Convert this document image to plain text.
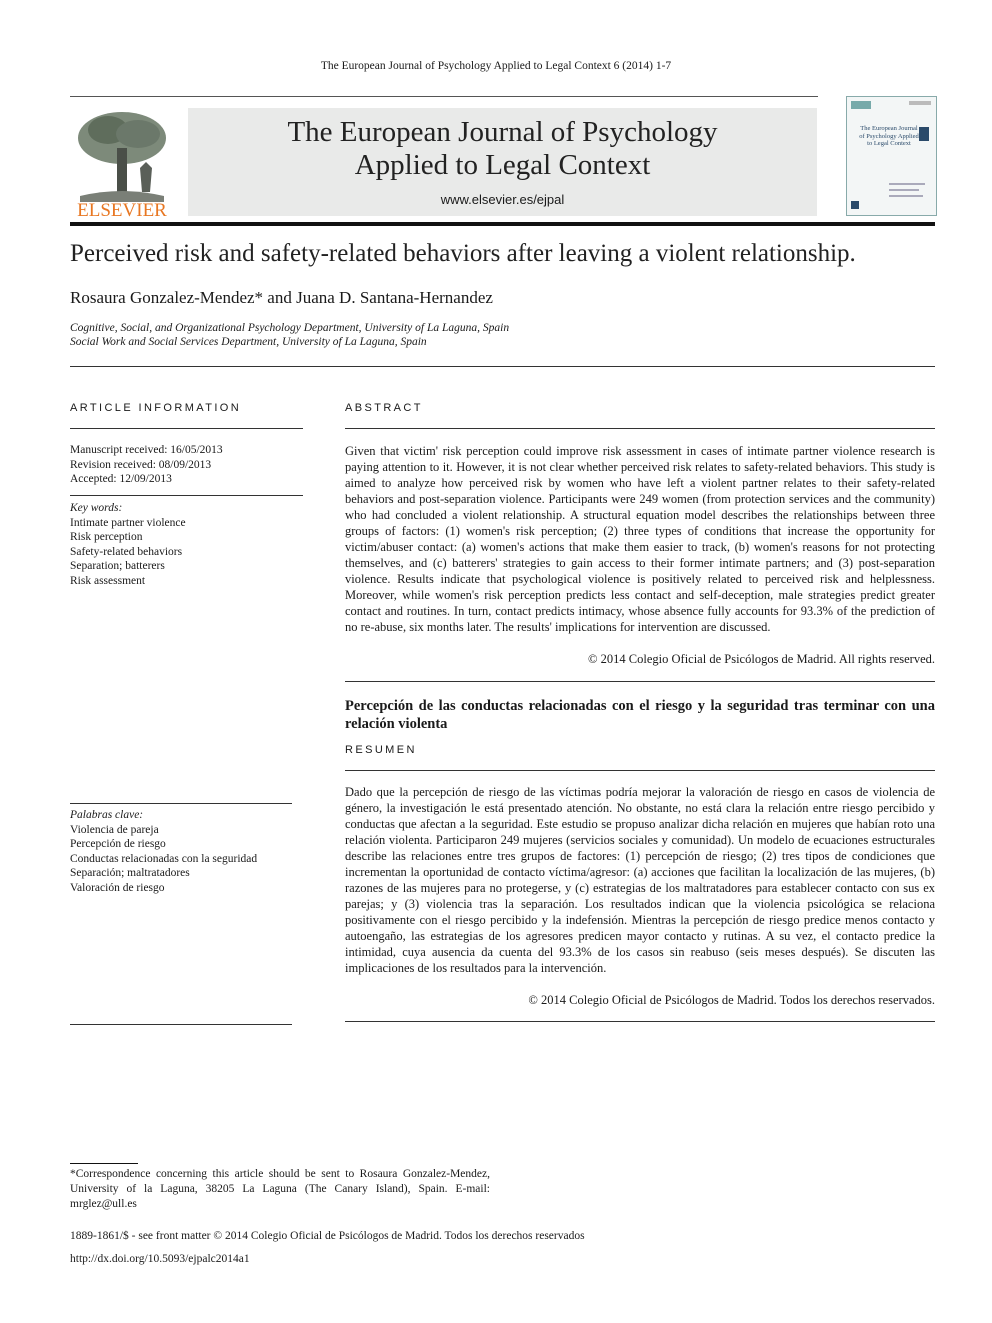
The European Journal of Psychology Applied to Legal Context 6 (2014) 1-7
ELSEVIER
The European Journal of Psychology
Applied to Legal Context
www.elsevier.es/ejpal
The European Journal
of Psychology Applied
to Legal Context
Perceived risk and safety-related behaviors after leaving a violent relationship.
Rosaura Gonzalez-Mendez* and Juana D. Santana-Hernandez
Cognitive, Social, and Organizational Psychology Department, University of La Laguna, Spain
Social Work and Social Services Department, University of La Laguna, Spain
ARTICLE INFORMATION
Manuscript received: 16/05/2013
Revision received: 08/09/2013
Accepted: 12/09/2013
Key words:
Intimate partner violence
Risk perception
Safety-related behaviors
Separation; batterers
Risk assessment
ABSTRACT
Given that victim' risk perception could improve risk assessment in cases of intimate partner violence research is paying attention to it. However, it is not clear whether perceived risk relates to safety-related behaviors. This study is aimed to analyze how perceived risk by women who have left a violent partner relates to their safety-related behaviors and post-separation violence. Participants were 249 women (from protection services and the community) who had concluded a violent relationship. A structural equation model describes the relationships between three groups of factors: (1) women's risk perception; (2) three types of conditions that increase the opportunity for victim/abuser contact: (a) women's actions that make them easier to track, (b) women's reasons for not protecting themselves, and (c) batterers' strategies to gain access to their former intimate partners; and (3) post-separation violence. Results indicate that psychological violence is positively related to perceived risk and helplessness. Moreover, while women's risk perception predicts less contact and self-deception, male strategies predict greater contact and routines. In turn, contact predicts intimacy, whose absence fully accounts for 93.3% of the prediction of no re-abuse, six months later. The results' implications for intervention are discussed.
© 2014 Colegio Oficial de Psicólogos de Madrid. All rights reserved.
Percepción de las conductas relacionadas con el riesgo y la seguridad tras terminar con una relación violenta
RESUMEN
Dado que la percepción de riesgo de las víctimas podría mejorar la valoración de riesgo en casos de violencia de género, la investigación le está presentado atención. No obstante, no está clara la relación entre riesgo percibido y conductas que afectan a la seguridad. Este estudio se propuso analizar dicha relación en mujeres que habían roto una relación violenta. Participaron 249 mujeres (servicios sociales y comunidad). Un modelo de ecuaciones estructurales describe las relaciones entre tres grupos de factores: (1) percepción de riesgo; (2) tres tipos de condiciones que incrementan la oportunidad de contacto víctima/agresor: (a) acciones que facilitan la localización de las mujeres, (b) razones de las mujeres para no protegerse, y (c) estrategias de los maltratadores para establecer contacto con sus ex parejas; y (3) violencia tras la separación. Los resultados indican que la violencia psicológica se relaciona positivamente con el riesgo percibido y la indefensión. Mientras la percepción de riesgo predice menos contacto y autoengaño, las estrategias de los agresores predicen mayor contacto y rutinas. A su vez, el contacto predice la intimidad, cuya ausencia da cuenta del 93.3% de los casos sin reabuso (seis meses después). Se discuten las implicaciones de los resultados para la intervención.
© 2014 Colegio Oficial de Psicólogos de Madrid. Todos los derechos reservados.
Palabras clave:
Violencia de pareja
Percepción de riesgo
Conductas relacionadas con la seguridad
Separación; maltratadores
Valoración de riesgo
*Correspondence concerning this article should be sent to Rosaura Gonzalez-Mendez, University of la Laguna, 38205 La Laguna (The Canary Island), Spain. E-mail: mrglez@ull.es
1889-1861/$ - see front matter © 2014 Colegio Oficial de Psicólogos de Madrid. Todos los derechos reservados
http://dx.doi.org/10.5093/ejpalc2014a1
